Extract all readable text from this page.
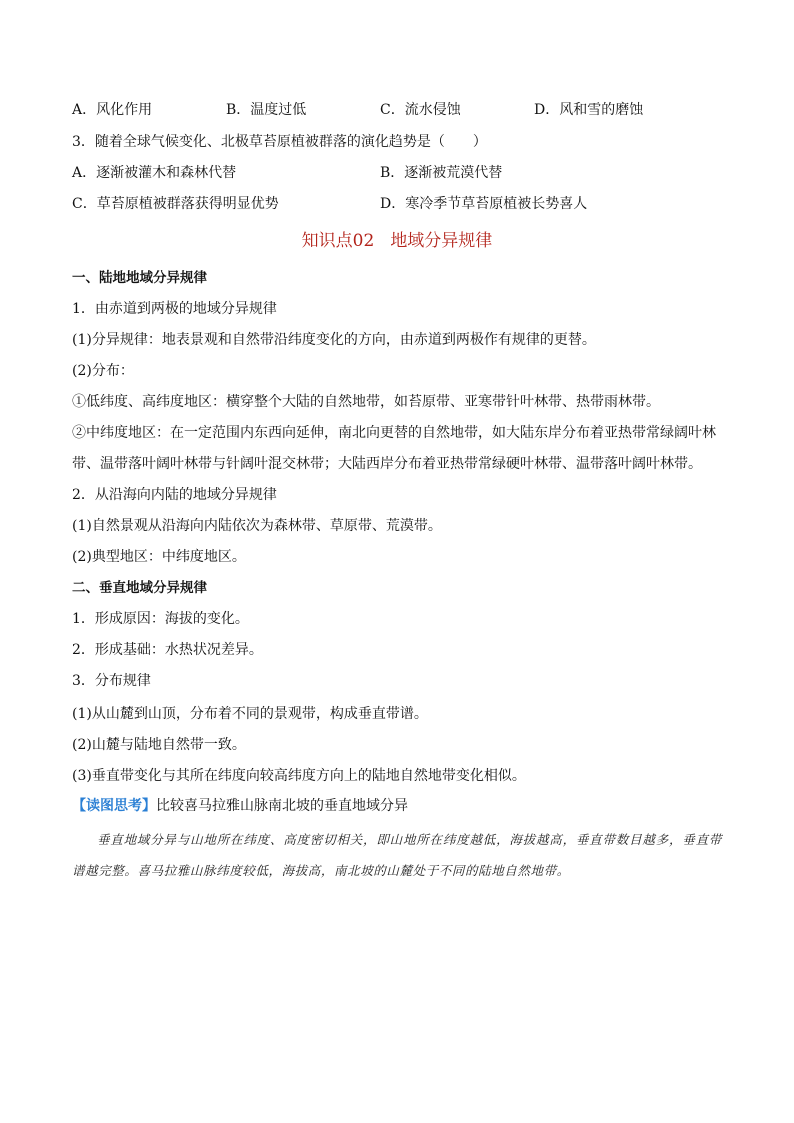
A．风化作用	B．温度过低	C．流水侵蚀	D．风和雪的磨蚀
3．随着全球气候变化、北极草苔原植被群落的演化趋势是（　　）
A．逐渐被灌木和森林代替	B．逐渐被荒漠代替
C．草苔原植被群落获得明显优势	D．寒冷季节草苔原植被长势喜人
知识点02 地域分异规律
一、陆地地域分异规律
1．由赤道到两极的地域分异规律
(1)分异规律：地表景观和自然带沿纬度变化的方向，由赤道到两极作有规律的更替。
(2)分布：
①低纬度、高纬度地区：横穿整个大陆的自然地带，如苔原带、亚寒带针叶林带、热带雨林带。
②中纬度地区：在一定范围内东西向延伸，南北向更替的自然地带，如大陆东岸分布着亚热带常绿阔叶林
带、温带落叶阔叶林带与针阔叶混交林带；大陆西岸分布着亚热带常绿硬叶林带、温带落叶阔叶林带。
2．从沿海向内陆的地域分异规律
(1)自然景观从沿海向内陆依次为森林带、草原带、荒漠带。
(2)典型地区：中纬度地区。
二、垂直地域分异规律
1．形成原因：海拔的变化。
2．形成基础：水热状况差异。
3．分布规律
(1)从山麓到山顶，分布着不同的景观带，构成垂直带谱。
(2)山麓与陆地自然带一致。
(3)垂直带变化与其所在纬度向较高纬度方向上的陆地自然地带变化相似。
【读图思考】比较喜马拉雅山脉南北坡的垂直地域分异
垂直地域分异与山地所在纬度、高度密切相关，即山地所在纬度越低，海拔越高，垂直带数目越多，垂直带谱越完整。喜马拉雅山脉纬度较低，海拔高，南北坡的山麓处于不同的陆地自然地带。
